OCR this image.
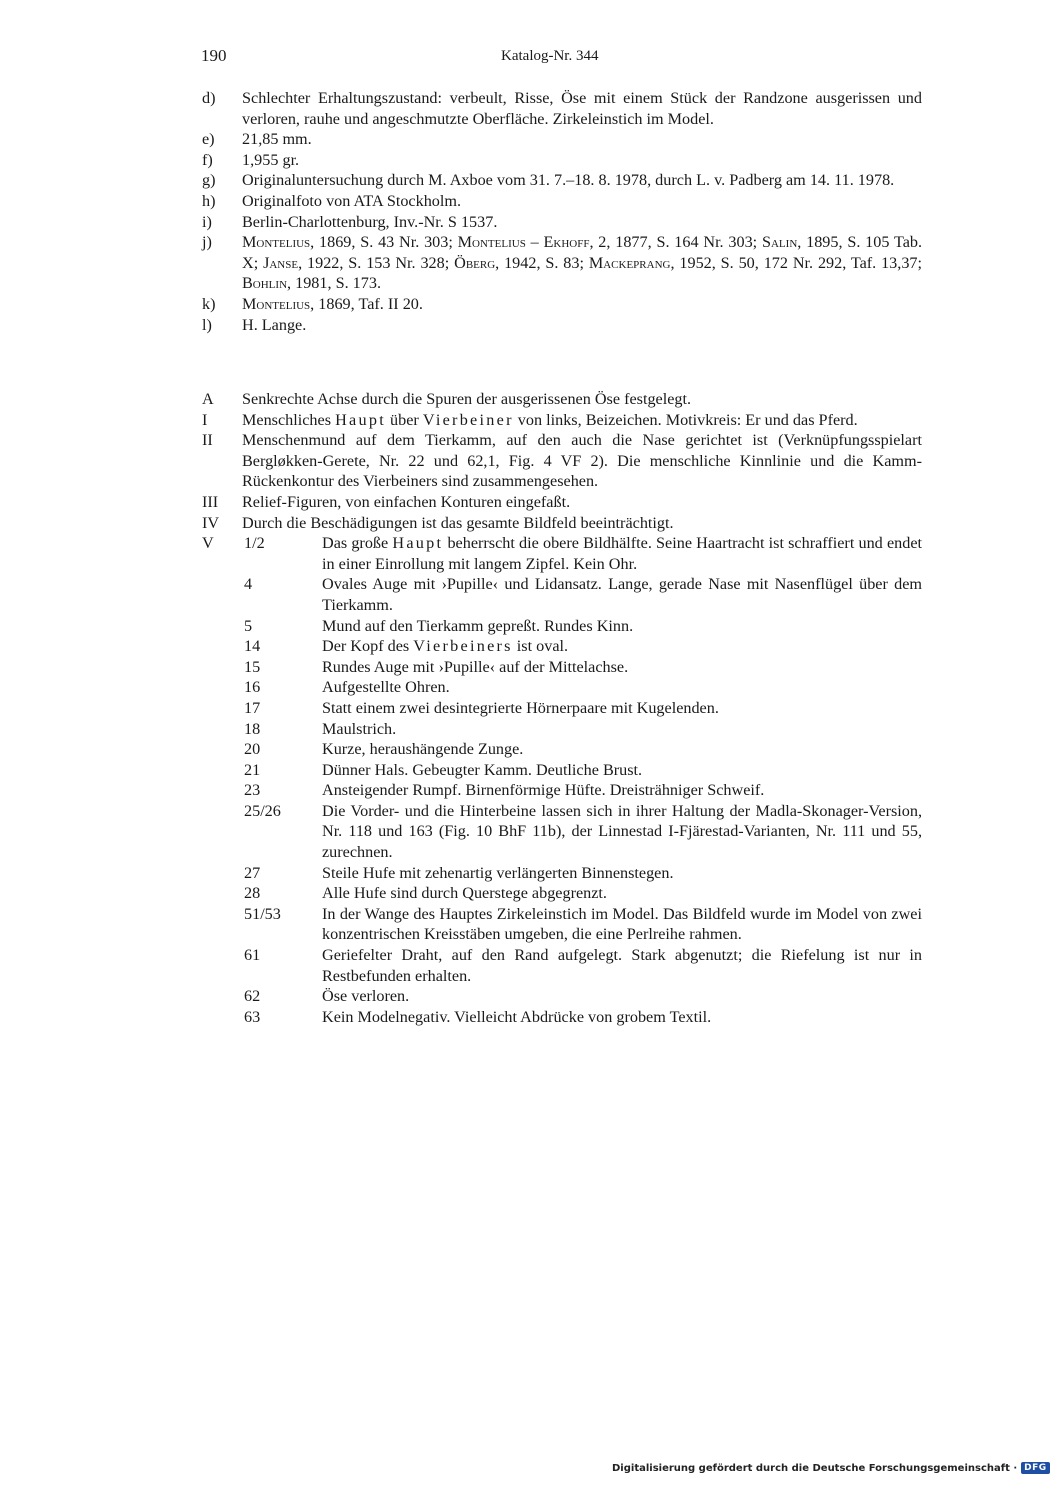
190	Katalog-Nr. 344
d)	Schlechter Erhaltungszustand: verbeult, Risse, Öse mit einem Stück der Randzone ausgerissen und verloren, rauhe und angeschmutzte Oberfläche. Zirkeleinstich im Model.
e)	21,85 mm.
f)	1,955 gr.
g)	Originaluntersuchung durch M. Axboe vom 31. 7.–18. 8. 1978, durch L. v. Padberg am 14. 11. 1978.
h)	Originalfoto von ATA Stockholm.
i)	Berlin-Charlottenburg, Inv.-Nr. S 1537.
j)	Montelius, 1869, S. 43 Nr. 303; Montelius – Ekhoff, 2, 1877, S. 164 Nr. 303; Salin, 1895, S. 105 Tab. X; Janse, 1922, S. 153 Nr. 328; Öberg, 1942, S. 83; Mackeprang, 1952, S. 50, 172 Nr. 292, Taf. 13,37; Bohlin, 1981, S. 173.
k)	Montelius, 1869, Taf. II 20.
l)	H. Lange.
A	Senkrechte Achse durch die Spuren der ausgerissenen Öse festgelegt.
I	Menschliches Haupt über Vierbeiner von links, Beizeichen. Motivkreis: Er und das Pferd.
II	Menschenmund auf dem Tierkamm, auf den auch die Nase gerichtet ist (Verknüpfungsspielart Bergløkken-Gerete, Nr. 22 und 62,1, Fig. 4 VF 2). Die menschliche Kinnlinie und die Kamm-Rückenkontur des Vierbeiners sind zusammengesehen.
III	Relief-Figuren, von einfachen Konturen eingefaßt.
IV	Durch die Beschädigungen ist das gesamte Bildfeld beeinträchtigt.
V	1/2	Das große Haupt beherrscht die obere Bildhälfte. Seine Haartracht ist schraffiert und endet in einer Einrollung mit langem Zipfel. Kein Ohr.
4	Ovales Auge mit ›Pupille‹ und Lidansatz. Lange, gerade Nase mit Nasenflügel über dem Tierkamm.
5	Mund auf den Tierkamm gepreßt. Rundes Kinn.
14	Der Kopf des Vierbeiners ist oval.
15	Rundes Auge mit ›Pupille‹ auf der Mittelachse.
16	Aufgestellte Ohren.
17	Statt einem zwei desintegrierte Hörnerpaare mit Kugelenden.
18	Maulstrich.
20	Kurze, heraushängende Zunge.
21	Dünner Hals. Gebeugter Kamm. Deutliche Brust.
23	Ansteigender Rumpf. Birnenförmige Hüfte. Dreisträhniger Schweif.
25/26	Die Vorder- und die Hinterbeine lassen sich in ihrer Haltung der Madla-Skonager-Version, Nr. 118 und 163 (Fig. 10 BhF 11b), der Linnestad I-Fjärestad-Varianten, Nr. 111 und 55, zurechnen.
27	Steile Hufe mit zehenartig verlängerten Binnenstegen.
28	Alle Hufe sind durch Querstege abgegrenzt.
51/53	In der Wange des Hauptes Zirkeleinstich im Model. Das Bildfeld wurde im Model von zwei konzentrischen Kreisstäben umgeben, die eine Perlreihe rahmen.
61	Geriefelter Draht, auf den Rand aufgelegt. Stark abgenutzt; die Riefelung ist nur in Restbefunden erhalten.
62	Öse verloren.
63	Kein Modelnegativ. Vielleicht Abdrücke von grobem Textil.
Digitalisierung gefördert durch die Deutsche Forschungsgemeinschaft · DFG
